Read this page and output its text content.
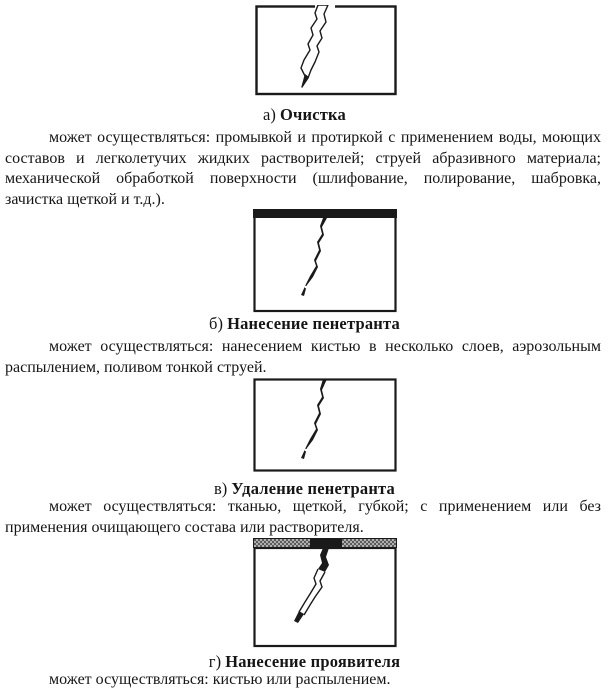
а) Очистка
может осуществляться: промывкой и протиркой с применением воды, моющих
составов и легколетучих жидких растворителей; струей абразивного материала;
механической обработкой поверхности (шлифование, полирование, шабровка,
зачистка щеткой и т.д.).
б) Нанесение пенетранта
может осуществляться: нанесением кистью в несколько слоев, аэрозольным
распылением, поливом тонкой струей.
в) Удаление пенетранта
может осуществляться: тканью, щеткой, губкой; с применением или без
применения очищающего состава или растворителя.
г) Нанесение проявителя
может осуществляться: кистью или распылением.
